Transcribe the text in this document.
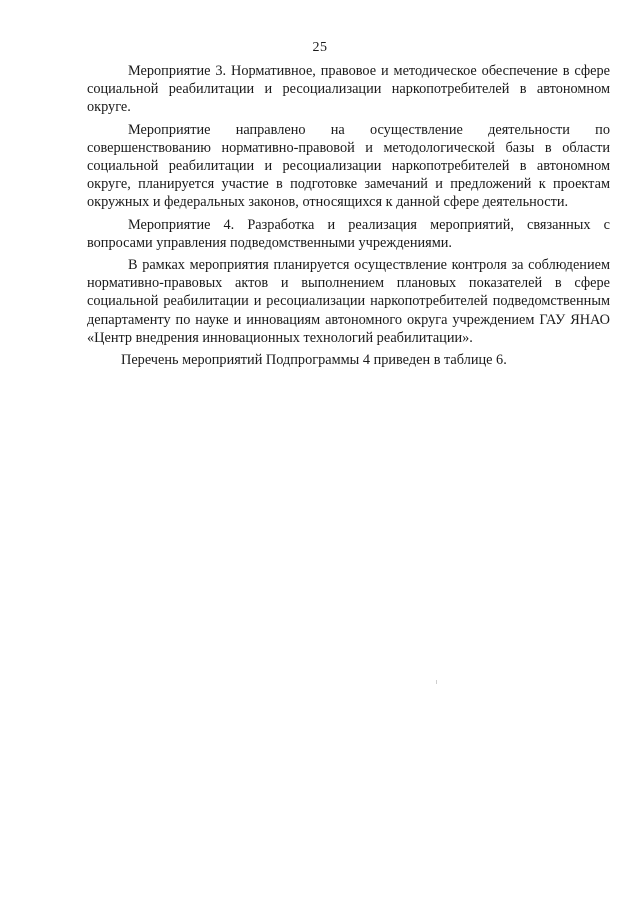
25

Мероприятие 3. Нормативное, правовое и методическое обеспечение в сфере социальной реабилитации и ресоциализации наркопотребителей в автономном округе.

Мероприятие направлено на осуществление деятельности по совершенствованию нормативно-правовой и методологической базы в области социальной реабилитации и ресоциализации наркопотребителей в автономном округе, планируется участие в подготовке замечаний и предложений к проектам окружных и федеральных законов, относящихся к данной сфере деятельности.

Мероприятие 4. Разработка и реализация мероприятий, связанных с вопросами управления подведомственными учреждениями.

В рамках мероприятия планируется осуществление контроля за соблюдением нормативно-правовых актов и выполнением плановых показателей в сфере социальной реабилитации и ресоциализации наркопотребителей подведомственным департаменту по науке и инновациям автономного округа учреждением ГАУ ЯНАО «Центр внедрения инновационных технологий реабилитации».

Перечень мероприятий Подпрограммы 4 приведен в таблице 6.
